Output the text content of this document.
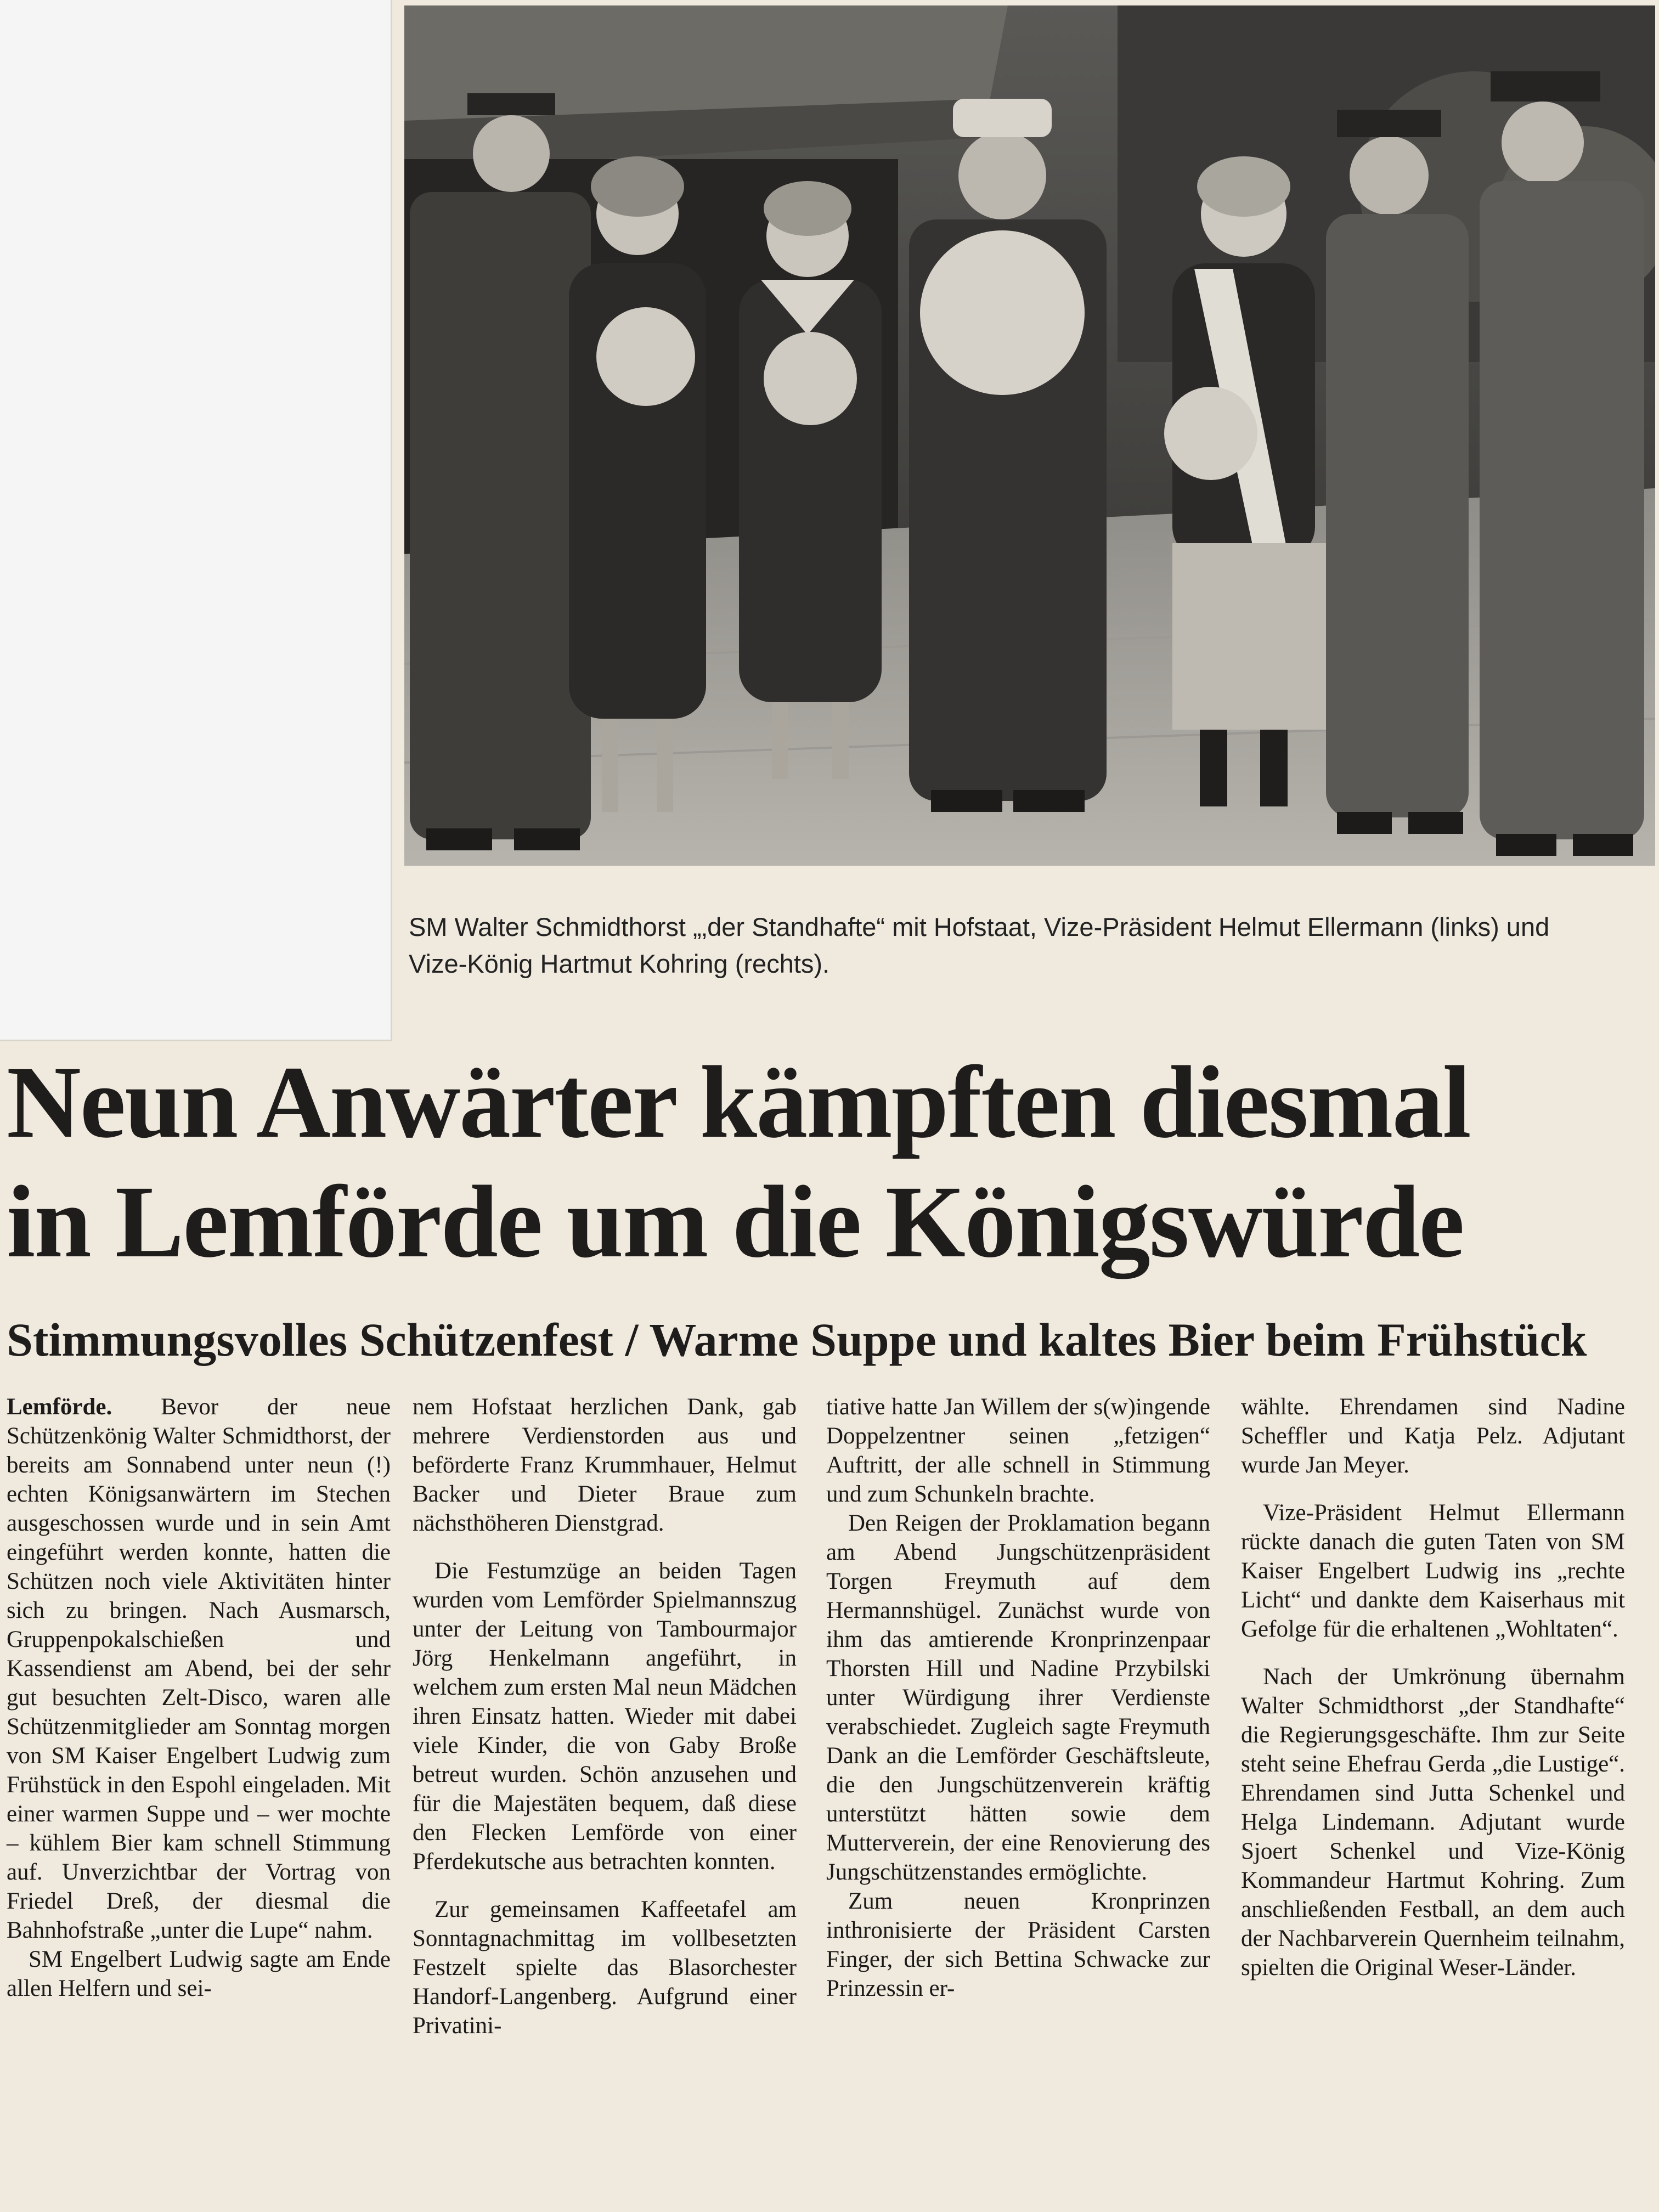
SM Walter Schmidthorst „‚der Standhafte“ mit Hofstaat, Vize-Präsident Helmut Ellermann (links) und

Vize-König Hartmut Kohring (rechts).

Neun Anwärter kämpften diesmal

in Lemförde um die Königswürde

Stimmungsvolles Schützenfest / Warme Suppe und kaltes Bier beim Frühstück

Lemförde. Bevor der neue Schützenkönig Walter Schmidthorst, der bereits am Sonnabend unter neun (!) echten Königsanwärtern im Stechen ausgeschossen wurde und in sein Amt eingeführt werden konnte, hatten die Schützen noch viele Aktivitäten hinter sich zu bringen. Nach Ausmarsch, Gruppenpokalschießen und Kassendienst am Abend, bei der sehr gut besuchten Zelt-Disco, waren alle Schützenmitglieder am Sonntag morgen von SM Kaiser Engelbert Ludwig zum Frühstück in den Espohl eingeladen. Mit einer warmen Suppe und – wer mochte – kühlem Bier kam schnell Stimmung auf. Unverzichtbar der Vortrag von Friedel Dreß, der diesmal die Bahnhofstraße „unter die Lupe“ nahm.

SM Engelbert Ludwig sagte am Ende allen Helfern und sei-

nem Hofstaat herzlichen Dank, gab mehrere Verdienstorden aus und beförderte Franz Krummhauer, Helmut Backer und Dieter Braue zum nächsthöheren Dienstgrad.

Die Festumzüge an beiden Tagen wurden vom Lemförder Spielmannszug unter der Leitung von Tambourmajor Jörg Henkelmann angeführt, in welchem zum ersten Mal neun Mädchen ihren Einsatz hatten. Wieder mit dabei viele Kinder, die von Gaby Broße betreut wurden. Schön anzusehen und für die Majestäten bequem, daß diese den Flecken Lemförde von einer Pferdekutsche aus betrachten konnten.

Zur gemeinsamen Kaffeetafel am Sonntagnachmittag im vollbesetzten Festzelt spielte das Blasorchester Handorf-Langenberg. Aufgrund einer Privatini-

tiative hatte Jan Willem der s(w)ingende Doppelzentner seinen „fetzigen“ Auftritt, der alle schnell in Stimmung und zum Schunkeln brachte.

Den Reigen der Proklamation begann am Abend Jungschützenpräsident Torgen Freymuth auf dem Hermannshügel. Zunächst wurde von ihm das amtierende Kronprinzenpaar Thorsten Hill und Nadine Przybilski unter Würdigung ihrer Verdienste verabschiedet. Zugleich sagte Freymuth Dank an die Lemförder Geschäftsleute, die den Jungschützenverein kräftig unterstützt hätten sowie dem Mutterverein, der eine Renovierung des Jungschützenstandes ermöglichte.

Zum neuen Kronprinzen inthronisierte der Präsident Carsten Finger, der sich Bettina Schwacke zur Prinzessin er-

wählte. Ehrendamen sind Nadine Scheffler und Katja Pelz. Adjutant wurde Jan Meyer.

Vize-Präsident Helmut Ellermann rückte danach die guten Taten von SM Kaiser Engelbert Ludwig ins „rechte Licht“ und dankte dem Kaiserhaus mit Gefolge für die erhaltenen „Wohltaten“.

Nach der Umkrönung übernahm Walter Schmidthorst „der Standhafte“ die Regierungsgeschäfte. Ihm zur Seite steht seine Ehefrau Gerda „die Lustige“. Ehrendamen sind Jutta Schenkel und Helga Lindemann. Adjutant wurde Sjoert Schenkel und Vize-König Kommandeur Hartmut Kohring. Zum anschließenden Festball, an dem auch der Nachbarverein Quernheim teilnahm, spielten die Original Weser-Länder.
